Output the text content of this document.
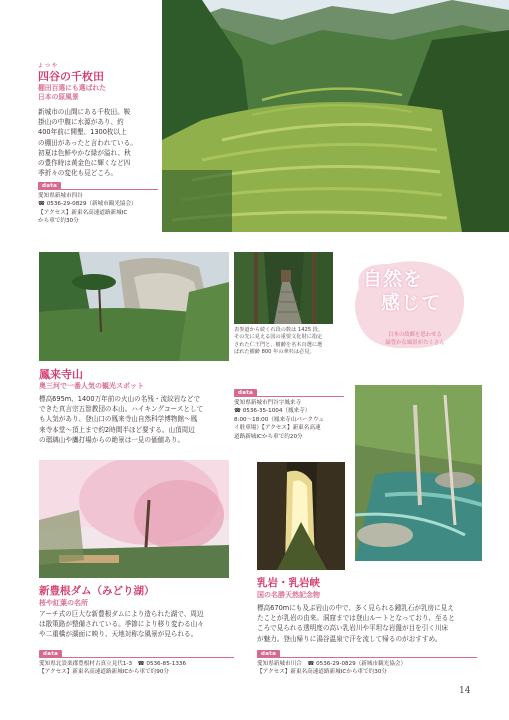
よつや
四谷の千枚田
棚田百選にも選ばれた
日本の原風景
新城市の山間にある千枚田。鞍
掛山の中腹に水源があり、約
400年前に開墾、1300枚以上
の棚田があったと言われている。
初夏は色鮮やかな緑が溢れ、秋
の豊作時は黄金色に輝くなど四
季折々の変化も見どころ。
data
愛知県新城市四谷
☎ 0536-29-0829（新城市観光協会）
【アクセス】新東名高速道路新城IC
から車で約30分
表参道から続く石段の数は 1425 段。
その先に見える国の重要文化財に指定
された仁王門と、樹齢を名木百選に選
ばれた樹齢 800 年の傘杉は必見。
自然を
感じて
日本の故郷を思わせる
緑豊かな風景がたくさん
鳳来寺山
奥三河で一番人気の観光スポット
標高695m、1400万年前の火山の名残・流紋岩などで
できた真言宗五智教団の本山。ハイキングコースとして
も人気があり、登山口の鳳来寺山自然科学博物館〜鳳
来寺本堂〜頂上まで約2時間半ほど要する。山頂周辺
の瑠璃山や鷹打場からの絶景は一見の価値あり。
data
愛知県新城市門谷字鳳来寺
☎ 0536-35-1004（鳳来寺）
8:00〜18:00（鳳来寺山パークウェ
イ駐車場）【アクセス】新東名高速
道路新城ICから車で約20分
新豊根ダム（みどり湖）
桜や紅葉の名所
アーチ式の巨大な新豊根ダムにより造られた湖で、周辺
は散策路が整備されている。季節により移り変わる山々
や二重橋が湖面に映り、天地対称な風景が見られる。
data
愛知県北設楽郡豊根村古真立見代1-3　☎ 0536-85-1336
【アクセス】新東名高速道路新城ICから車で約90分
乳岩・乳岩峡
国の名勝天然記念物
標高670mにも及ぶ岩山の中で、多く見られる鍾乳石が乳房に見え
たことが乳岩の由来。洞窟までは登山ルートとなっており、至ると
ころで見られる透明度の高い乳岩川や平坦な岩盤が目を引く川床
が魅力。登山帰りに湯谷温泉で汗を流して帰るのがおすすめ。
data
愛知県新城市川合　☎ 0536-29-0829（新城市観光協会）
【アクセス】新東名高速道路新城ICから車で約30分
14
